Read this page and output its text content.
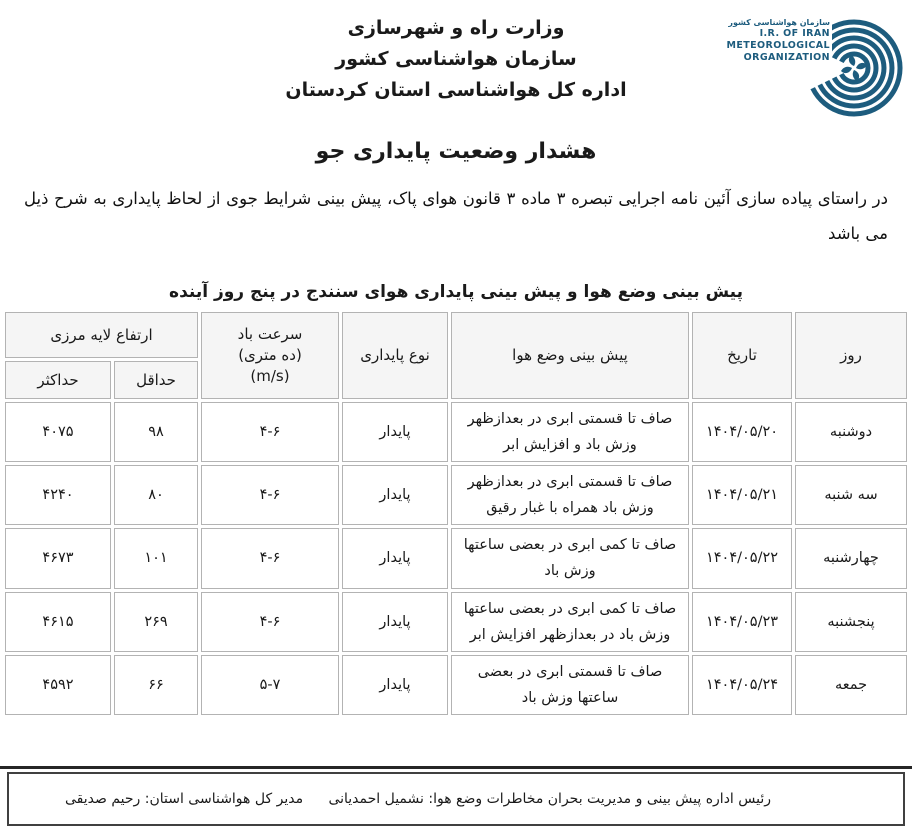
وزارت راه و شهرسازی
سازمان هواشناسی کشور
اداره کل هواشناسی استان کردستان
سازمان هواشناسی کشور
I.R. OF IRAN
METEOROLOGICAL
ORGANIZATION
هشدار وضعیت پایداری جو

در راستای پیاده سازی آئین نامه اجرایی تبصره ۳ ماده ۳ قانون هوای پاک، پیش بینی شرایط جوی از لحاظ پایداری به شرح ذیل می باشد

پیش بینی وضع هوا و پیش بینی پایداری هوای سنندج در پنج روز آینده
روز	تاریخ	پیش بینی وضع هوا	نوع پایداری	سرعت باد
(ده متری)
(m/s)	ارتفاع لایه مرزی	
					حداقل	حداکثر
دوشنبه	۱۴۰۴/۰۵/۲۰	صاف تا قسمتی ابری در بعدازظهر وزش باد و افزایش ابر	پایدار	۴-۶	۹۸	۴۰۷۵
سه شنبه	۱۴۰۴/۰۵/۲۱	صاف تا قسمتی ابری در بعدازظهر وزش باد همراه با غبار رقیق	پایدار	۴-۶	۸۰	۴۲۴۰
چهارشنبه	۱۴۰۴/۰۵/۲۲	صاف تا کمی ابری در بعضی ساعتها وزش باد	پایدار	۴-۶	۱۰۱	۴۶۷۳
پنجشنبه	۱۴۰۴/۰۵/۲۳	صاف تا کمی ابری در بعضی ساعتها وزش باد در بعدازظهر افزایش ابر	پایدار	۴-۶	۲۶۹	۴۶۱۵
جمعه	۱۴۰۴/۰۵/۲۴	صاف تا قسمتی ابری در بعضی ساعتها وزش باد	پایدار	۵-۷	۶۶	۴۵۹۲
رئیس اداره پیش بینی و مدیریت بحران مخاطرات وضع هوا: نشمیل احمدیانی
مدیر کل هواشناسی استان: رحیم صدیقی
